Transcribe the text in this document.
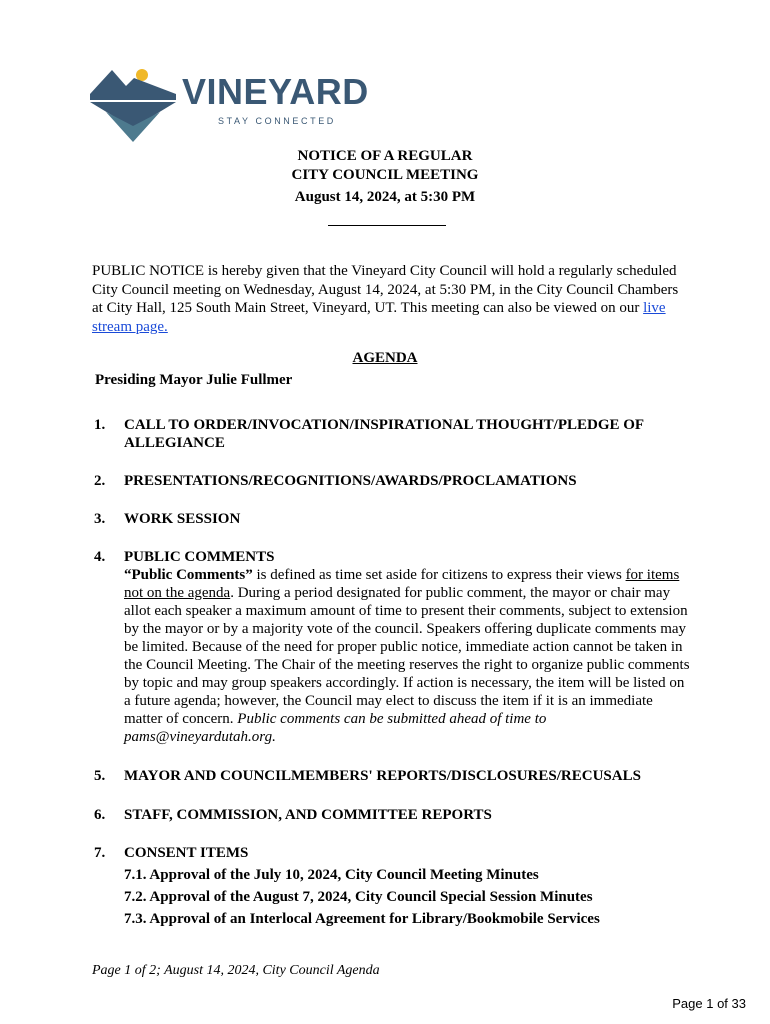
VINEYARD
STAY CONNECTED
NOTICE OF A REGULAR
CITY COUNCIL MEETING
August 14, 2024, at 5:30 PM
PUBLIC NOTICE is hereby given that the Vineyard City Council will hold a regularly scheduled City Council meeting on Wednesday, August 14, 2024, at 5:30 PM, in the City Council Chambers at City Hall, 125 South Main Street, Vineyard, UT. This meeting can also be viewed on our live stream page.
AGENDA
Presiding Mayor Julie Fullmer
1. CALL TO ORDER/INVOCATION/INSPIRATIONAL THOUGHT/PLEDGE OF ALLEGIANCE
2. PRESENTATIONS/RECOGNITIONS/AWARDS/PROCLAMATIONS
3. WORK SESSION
4. PUBLIC COMMENTS
“Public Comments” is defined as time set aside for citizens to express their views for items not on the agenda. During a period designated for public comment, the mayor or chair may allot each speaker a maximum amount of time to present their comments, subject to extension by the mayor or by a majority vote of the council. Speakers offering duplicate comments may be limited. Because of the need for proper public notice, immediate action cannot be taken in the Council Meeting. The Chair of the meeting reserves the right to organize public comments by topic and may group speakers accordingly. If action is necessary, the item will be listed on a future agenda; however, the Council may elect to discuss the item if it is an immediate matter of concern. Public comments can be submitted ahead of time to pams@vineyardutah.org.
5. MAYOR AND COUNCILMEMBERS' REPORTS/DISCLOSURES/RECUSALS
6. STAFF, COMMISSION, AND COMMITTEE REPORTS
7. CONSENT ITEMS
7.1. Approval of the July 10, 2024, City Council Meeting Minutes
7.2. Approval of the August 7, 2024, City Council Special Session Minutes
7.3. Approval of an Interlocal Agreement for Library/Bookmobile Services
Page 1 of 2; August 14, 2024, City Council Agenda
Page 1 of 33
